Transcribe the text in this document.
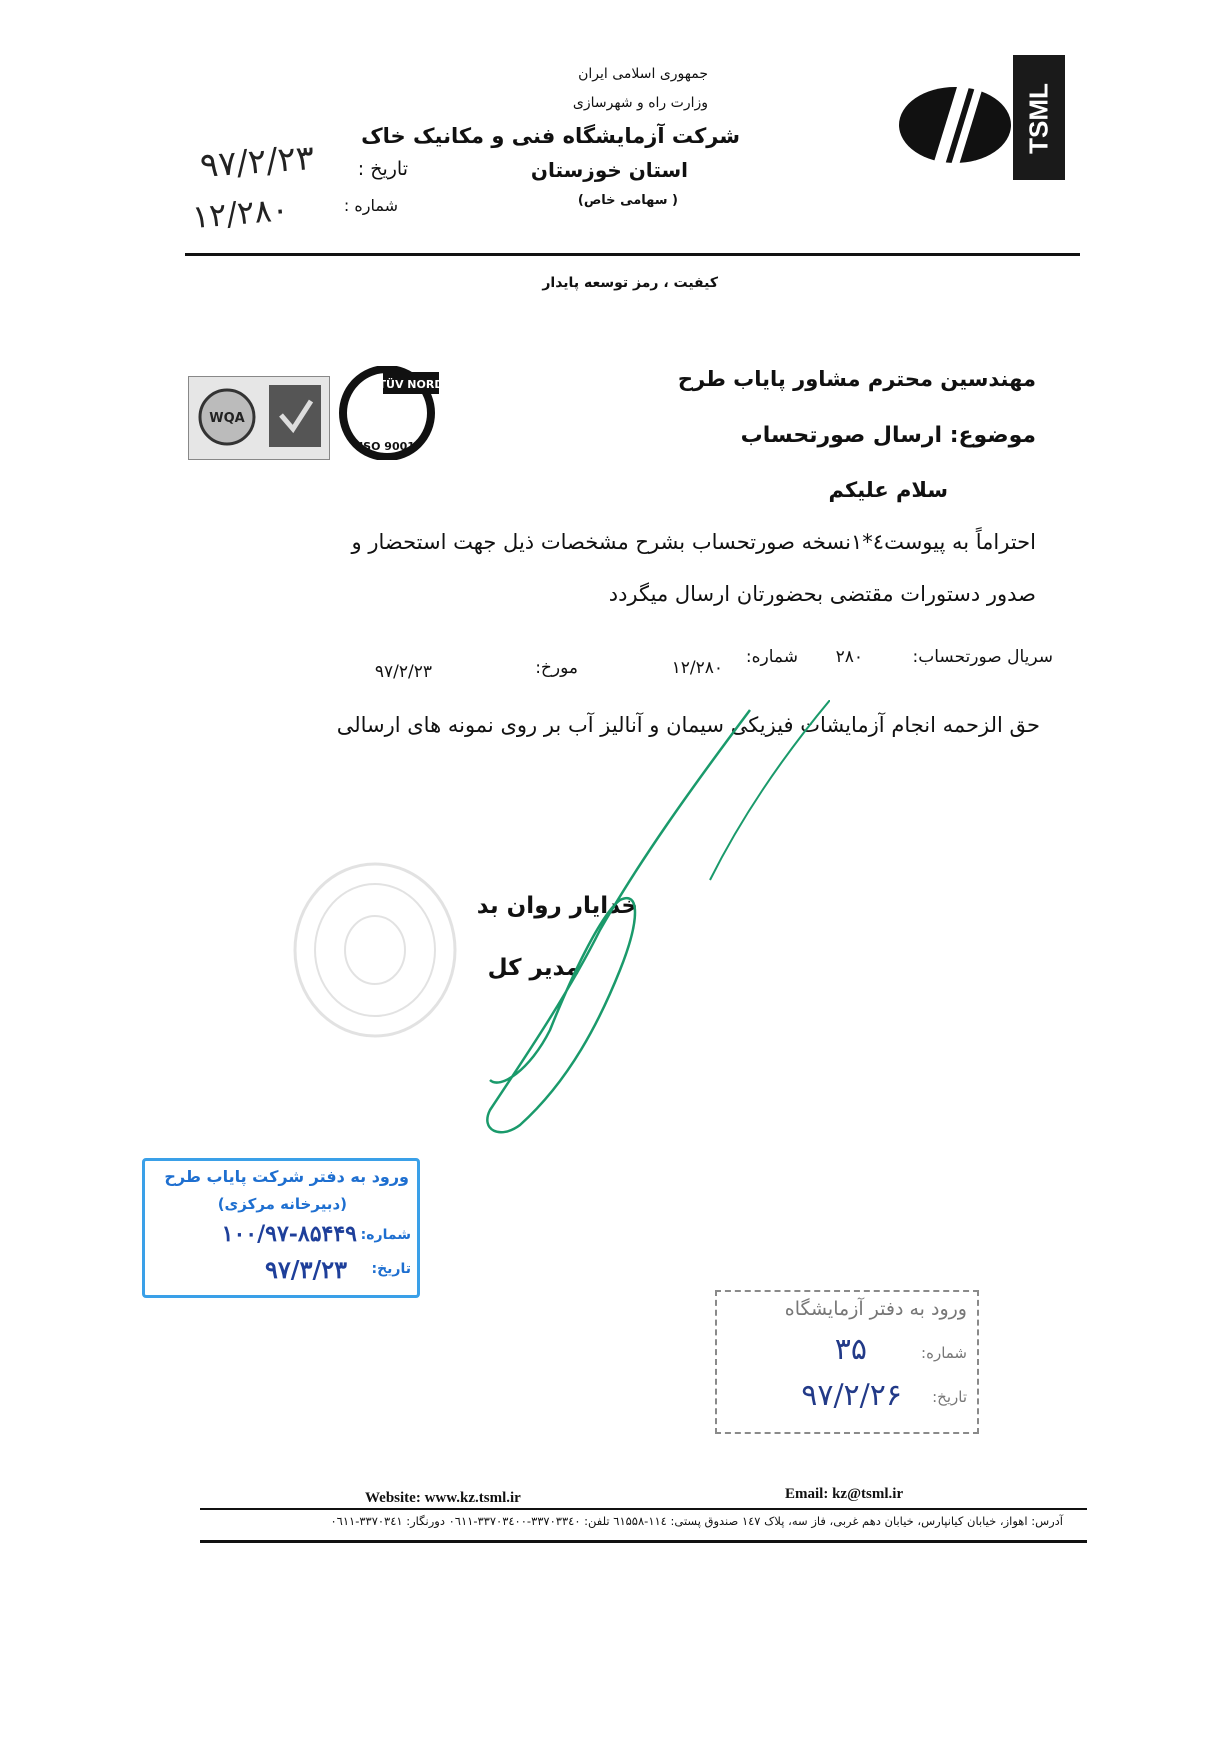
جمهوری اسلامی ایران
وزارت راه و شهرسازی
شرکت آزمایشگاه فنی و مکانیک خاک
استان خوزستان
( سهامی خاص)
TSML
تاریخ :
۹۷/۲/۲۳
شماره :
۱۲/۲۸۰
کیفیت ، رمز توسعه پایدار
WQA
TÜV NORD
ISO 9001
مهندسین محترم مشاور پایاب طرح
موضوع: ارسال صورتحساب
سلام علیکم
احتراماً به پیوست٤*١نسخه صورتحساب بشرح مشخصات ذیل جهت استحضار و
صدور دستورات مقتضی بحضورتان ارسال میگردد
سریال صورتحساب:
۲۸۰
شماره:
۱۲/۲۸۰
مورخ:
۹۷/۲/۲۳
حق الزحمه انجام آزمایشات فیزیکی سیمان و آنالیز آب بر روی نمونه های ارسالی
خدایار روان بد
مدیر کل
ورود به دفتر شرکت پایاب طرح
(دبیرخانه مرکزی)
شماره:
۱۰۰/۹۷-۸۵۴۴۹
تاریخ:
۹۷/۳/۲۳
ورود به دفتر آزمایشگاه
شماره:
۳۵
تاریخ:
۹۷/۲/۲۶
Website: www.kz.tsml.ir	Email: kz@tsml.ir
آدرس: اهواز، خیابان کیانپارس، خیابان دهم غربی، فاز سه، پلاک ۱٤۷ صندوق پستی: ۱۱٤-٦۱۵۵۸ تلفن: ۳۳۷۰۳۳٤۰-۳۳۷۰۳٤۰۰-۰٦۱۱ دورنگار: ۳۳۷۰۳٤۱-۰٦۱۱
